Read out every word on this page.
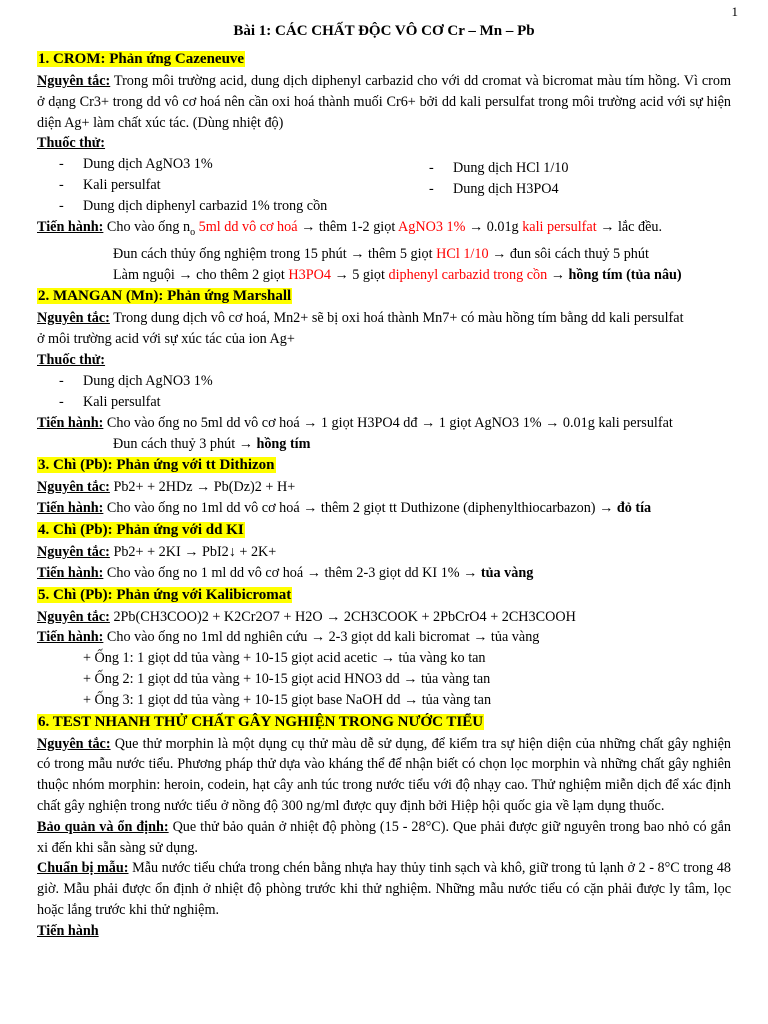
1
Bài 1: CÁC CHẤT ĐỘC VÔ CƠ Cr – Mn – Pb
1. CROM: Phản ứng Cazeneuve
Nguyên tắc: Trong môi trường acid, dung dịch diphenyl carbazid cho với dd cromat và bicromat màu tím hồng. Vì crom ở dạng Cr3+ trong dd vô cơ hoá nên cần oxi hoá thành muối Cr6+ bởi dd kali persulfat trong môi trường acid với sự hiện diện Ag+ làm chất xúc tác. (Dùng nhiệt độ)
Thuốc thử:
- Dung dịch AgNO3 1%
- Kali persulfat
- Dung dịch diphenyl carbazid 1% trong cồn
- Dung dịch HCl 1/10
- Dung dịch H3PO4
Tiến hành: Cho vào ống $n_o$ 5ml dd vô cơ hoá → thêm 1-2 giọt AgNO3 1% → 0.01g kali persulfat → lắc đều.
Đun cách thủy ống nghiệm trong 15 phút → thêm 5 giọt HCl 1/10 → đun sôi cách thuỷ 5 phút
Làm nguội → cho thêm 2 giọt H3PO4 → 5 giọt diphenyl carbazid trong cồn → hồng tím (tủa nâu)
2. MANGAN (Mn): Phản ứng Marshall
Nguyên tắc: Trong dung dịch vô cơ hoá, Mn2+ sẽ bị oxi hoá thành Mn7+ có màu hồng tím bằng dd kali persulfat ở môi trường acid với sự xúc tác của ion Ag+
Thuốc thử:
- Dung dịch AgNO3 1%
- Kali persulfat
Tiến hành: Cho vào ống no 5ml dd vô cơ hoá → 1 giọt H3PO4 dđ → 1 giọt AgNO3 1% → 0.01g kali persulfat
Đun cách thuỷ 3 phút → hồng tím
3. Chì (Pb): Phản ứng với tt Dithizon
Nguyên tắc: Pb2+ + 2HDz → Pb(Dz)2 + H+
Tiến hành: Cho vào ống no 1ml dd vô cơ hoá → thêm 2 giọt tt Duthizone (diphenylthiocarbazon) → đỏ tía
4. Chì (Pb): Phản ứng với dd KI
Nguyên tắc: Pb2+ + 2KI → PbI2↓ + 2K+
Tiến hành: Cho vào ống no 1 ml dd vô cơ hoá → thêm 2-3 giọt dd KI 1% → tủa vàng
5. Chì (Pb): Phản ứng với Kalibicromat
Nguyên tắc: 2Pb(CH3COO)2 + K2Cr2O7 + H2O → 2CH3COOK + 2PbCrO4 + 2CH3COOH
Tiến hành: Cho vào ống no 1ml dd nghiên cứu → 2-3 giọt dd kali bicromat → tủa vàng
+ Ống 1: 1 giọt dd tủa vàng + 10-15 giọt acid acetic → tủa vàng ko tan
+ Ống 2: 1 giọt dd tủa vàng + 10-15 giọt acid HNO3 dd → tủa vàng tan
+ Ống 3: 1 giọt dd tủa vàng + 10-15 giọt base NaOH dd → tủa vàng tan
6. TEST NHANH THỬ CHẤT GÂY NGHIỆN TRONG NƯỚC TIỂU
Nguyên tắc: Que thử morphin là một dụng cụ thử màu dễ sử dụng, để kiểm tra sự hiện diện của những chất gây nghiện có trong mẫu nước tiểu. Phương pháp thử dựa vào kháng thể để nhận biết có chọn lọc morphin và những chất gây nghiên thuộc nhóm morphin: heroin, codein, hạt cây anh túc trong nước tiểu với độ nhạy cao. Thử nghiệm miễn dịch để xác định chất gây nghiện trong nước tiểu ở nồng độ 300 ng/ml được quy định bởi Hiệp hội quốc gia về lạm dụng thuốc.
Bảo quản và ổn định: Que thử bảo quản ở nhiệt độ phòng (15 - 28°C). Que phải được giữ nguyên trong bao nhỏ có gắn xi đến khi sẵn sàng sử dụng.
Chuẩn bị mẫu: Mẫu nước tiểu chứa trong chén bằng nhựa hay thủy tinh sạch và khô, giữ trong tủ lạnh ở 2 - 8°C trong 48 giờ. Mẫu phải được ổn định ở nhiệt độ phòng trước khi thử nghiệm. Những mẫu nước tiểu có cặn phải được ly tâm, lọc hoặc lắng trước khi thử nghiệm.
Tiến hành
